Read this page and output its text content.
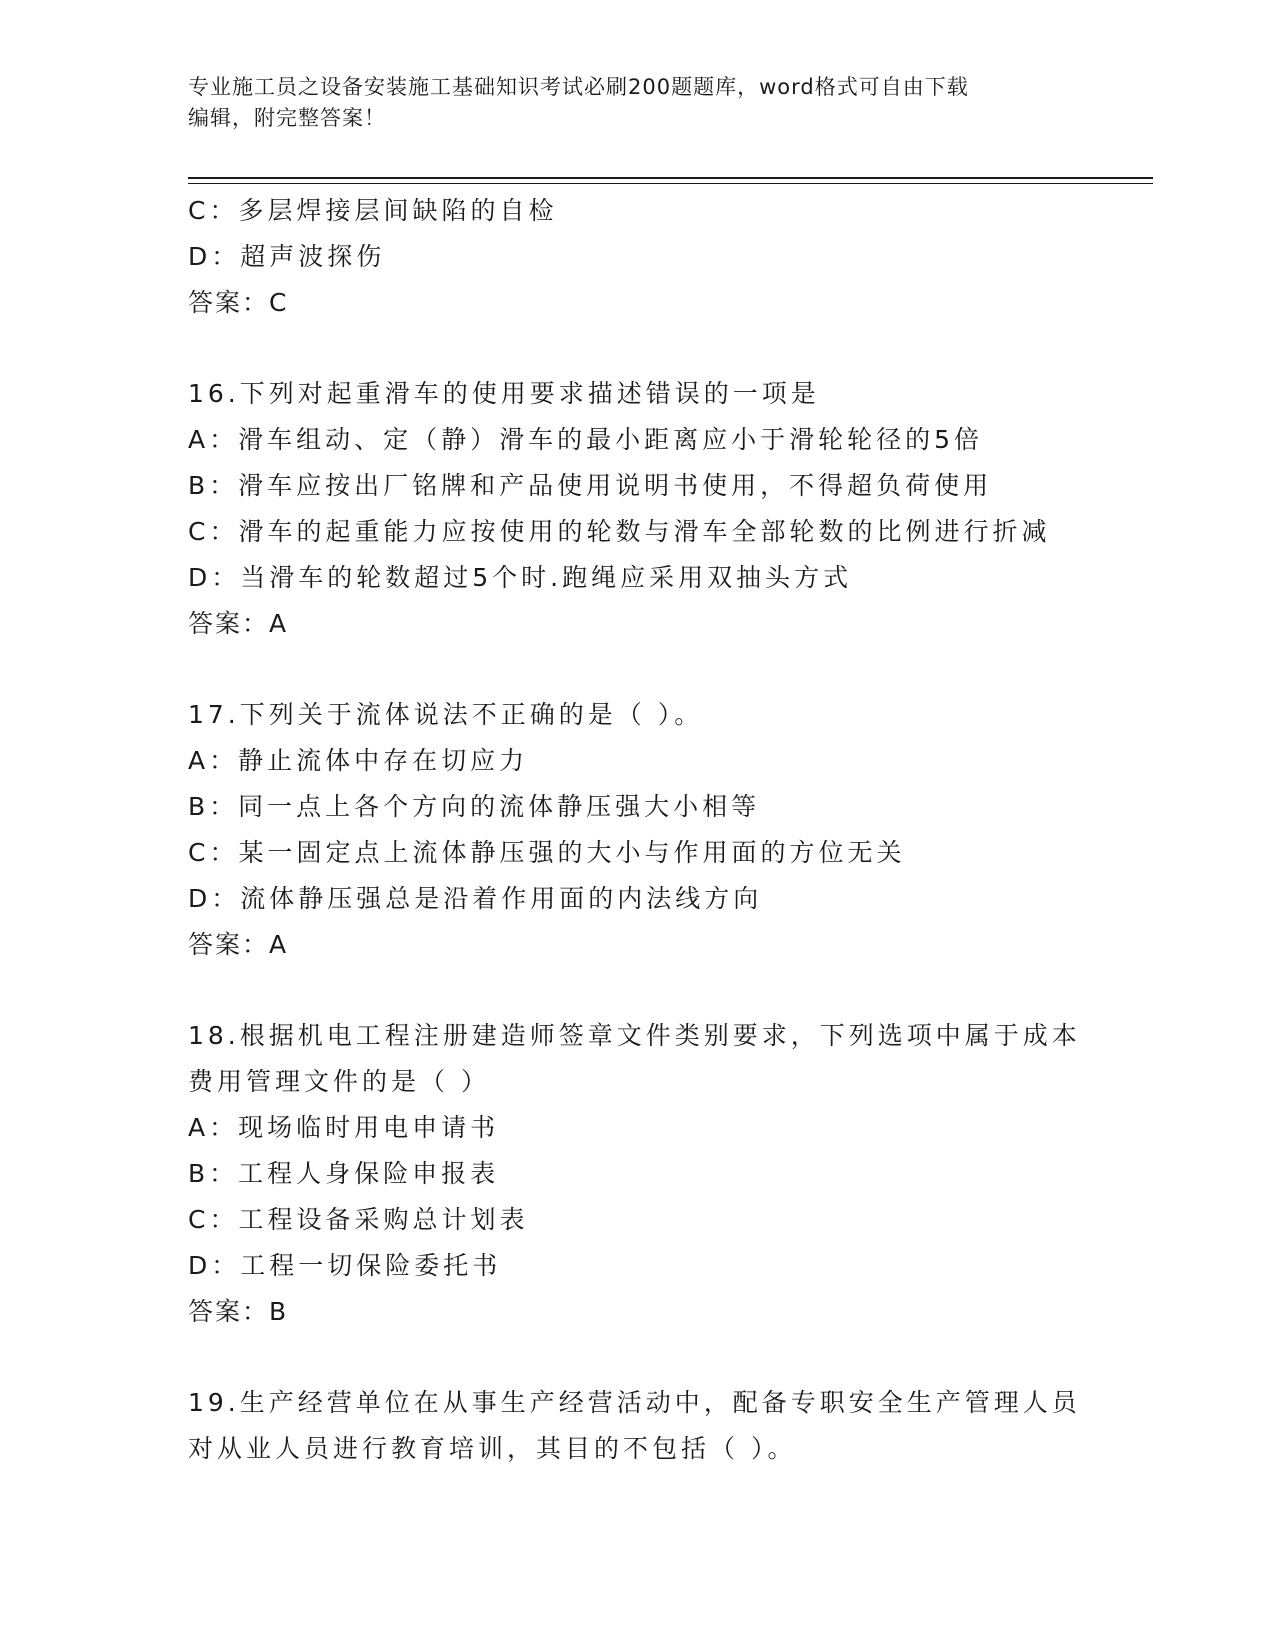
专业施工员之设备安装施工基础知识考试必刷200题题库，word格式可自由下载
编辑，附完整答案！
C：多层焊接层间缺陷的自检
D：超声波探伤
答案：C
16.下列对起重滑车的使用要求描述错误的一项是
A：滑车组动、定（静）滑车的最小距离应小于滑轮轮径的5倍
B：滑车应按出厂铭牌和产品使用说明书使用，不得超负荷使用
C：滑车的起重能力应按使用的轮数与滑车全部轮数的比例进行折减
D：当滑车的轮数超过5个时.跑绳应采用双抽头方式
答案：A
17.下列关于流体说法不正确的是（ ）。
A：静止流体中存在切应力
B：同一点上各个方向的流体静压强大小相等
C：某一固定点上流体静压强的大小与作用面的方位无关
D：流体静压强总是沿着作用面的内法线方向
答案：A
18.根据机电工程注册建造师签章文件类别要求，下列选项中属于成本
费用管理文件的是（ ）
A：现场临时用电申请书
B：工程人身保险申报表
C：工程设备采购总计划表
D：工程一切保险委托书
答案：B
19.生产经营单位在从事生产经营活动中，配备专职安全生产管理人员
对从业人员进行教育培训，其目的不包括（ ）。
